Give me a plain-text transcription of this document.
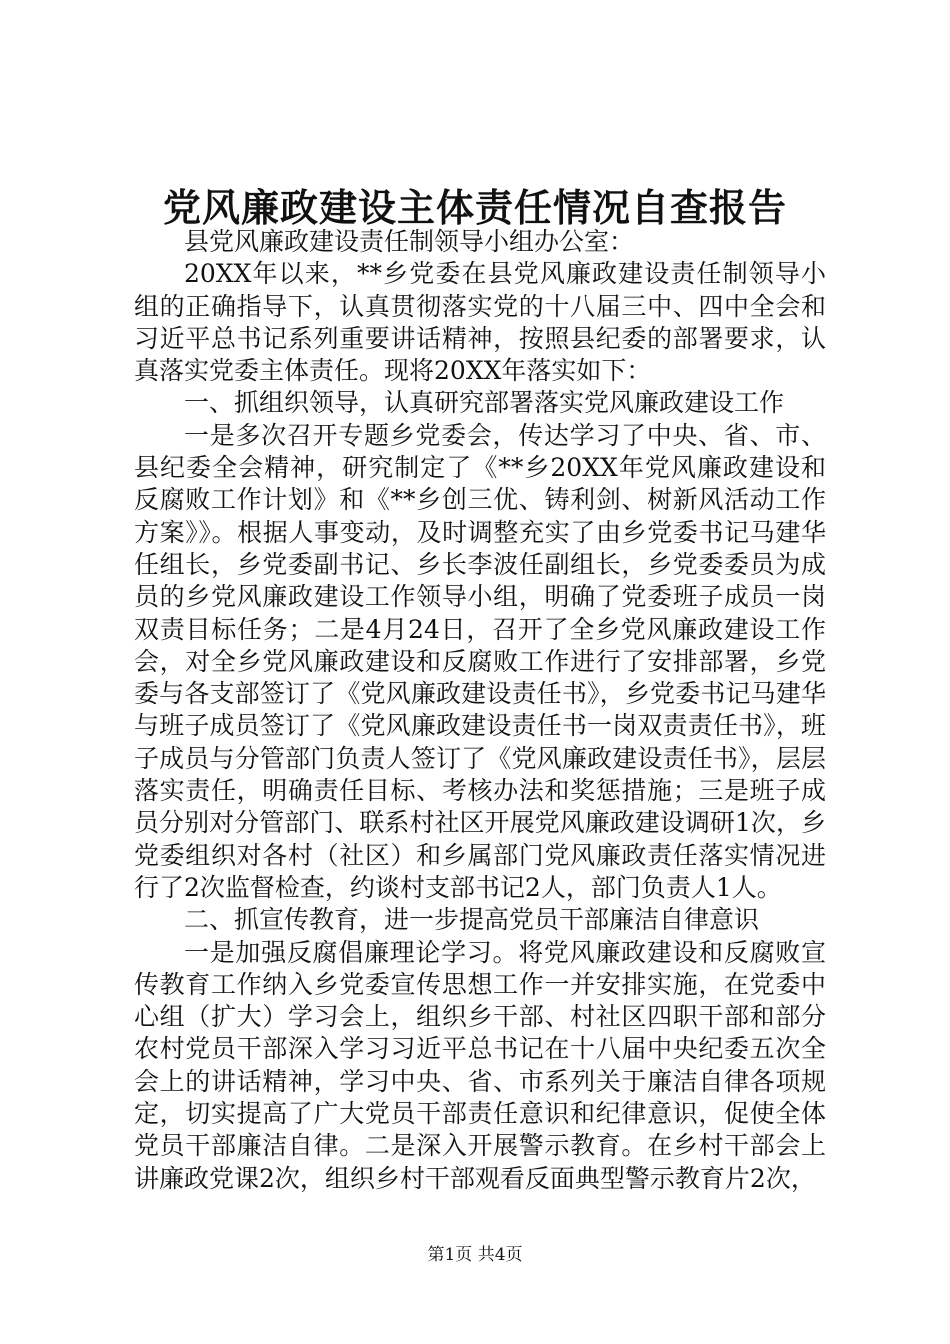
党风廉政建设主体责任情况自查报告

县党风廉政建设责任制领导小组办公室：

20XX年以来，**乡党委在县党风廉政建设责任制领导小组的正确指导下，认真贯彻落实党的十八届三中、四中全会和习近平总书记系列重要讲话精神，按照县纪委的部署要求，认真落实党委主体责任。现将20XX年落实如下：

一、抓组织领导，认真研究部署落实党风廉政建设工作

一是多次召开专题乡党委会，传达学习了中央、省、市、县纪委全会精神，研究制定了《**乡20XX年党风廉政建设和反腐败工作计划》和《**乡创三优、铸利剑、树新风活动工作方案》》。根据人事变动，及时调整充实了由乡党委书记马建华任组长，乡党委副书记、乡长李波任副组长，乡党委委员为成员的乡党风廉政建设工作领导小组，明确了党委班子成员一岗双责目标任务；二是4月24日，召开了全乡党风廉政建设工作会，对全乡党风廉政建设和反腐败工作进行了安排部署，乡党委与各支部签订了《党风廉政建设责任书》，乡党委书记马建华与班子成员签订了《党风廉政建设责任书一岗双责责任书》，班子成员与分管部门负责人签订了《党风廉政建设责任书》，层层落实责任，明确责任目标、考核办法和奖惩措施；三是班子成员分别对分管部门、联系村社区开展党风廉政建设调研1次，乡党委组织对各村（社区）和乡属部门党风廉政责任落实情况进行了2次监督检查，约谈村支部书记2人，部门负责人1人。

二、抓宣传教育，进一步提高党员干部廉洁自律意识

一是加强反腐倡廉理论学习。将党风廉政建设和反腐败宣传教育工作纳入乡党委宣传思想工作一并安排实施，在党委中心组（扩大）学习会上，组织乡干部、村社区四职干部和部分农村党员干部深入学习习近平总书记在十八届中央纪委五次全会上的讲话精神，学习中央、省、市系列关于廉洁自律各项规定，切实提高了广大党员干部责任意识和纪律意识，促使全体党员干部廉洁自律。二是深入开展警示教育。在乡村干部会上讲廉政党课2次，组织乡村干部观看反面典型警示教育片2次，

第1页 共4页
